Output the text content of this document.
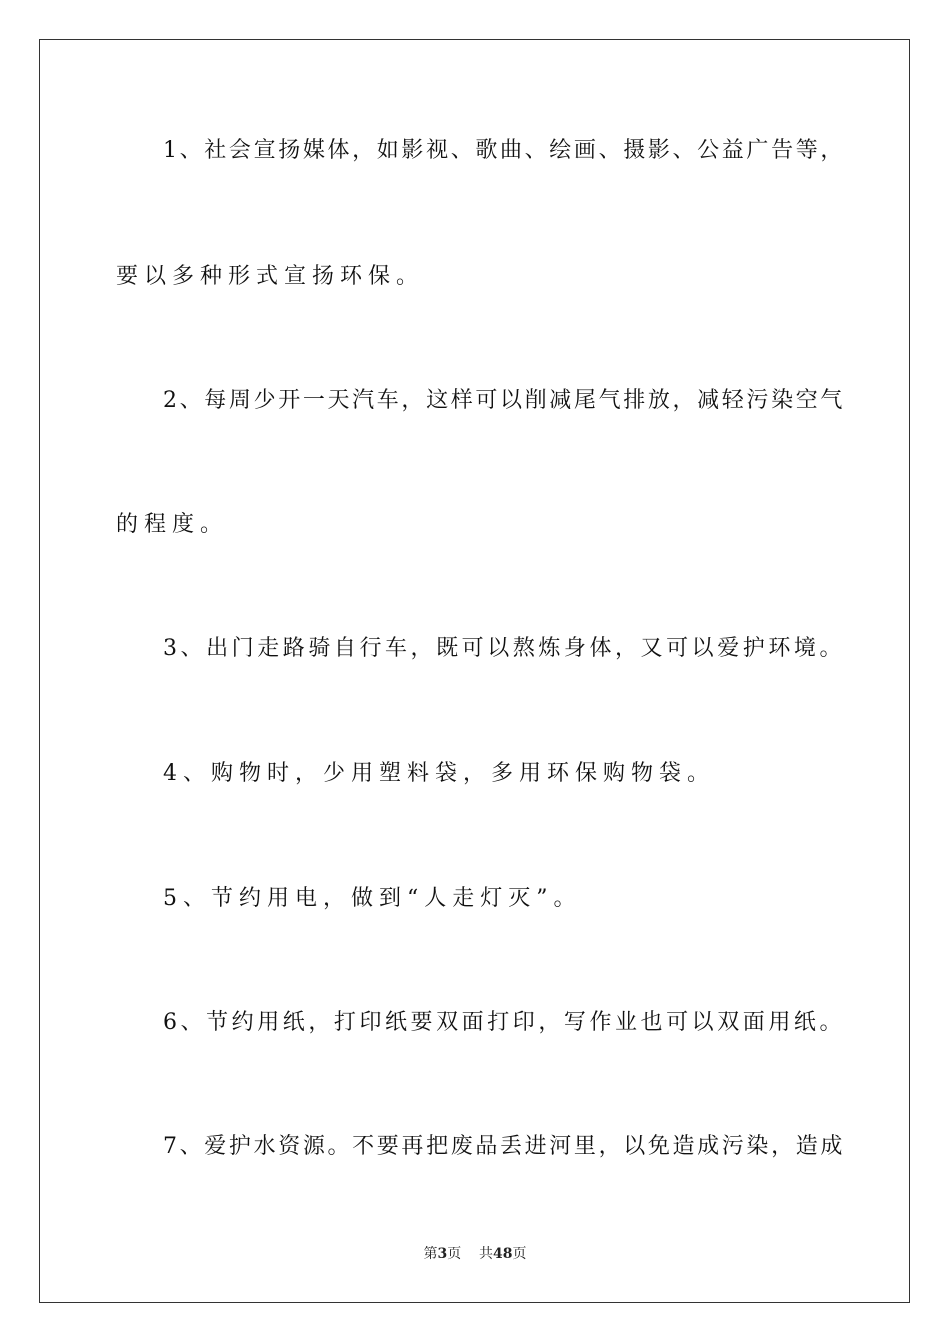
1、社会宣扬媒体，如影视、歌曲、绘画、摄影、公益广告等，
要以多种形式宣扬环保。
2、每周少开一天汽车，这样可以削减尾气排放，减轻污染空气
的程度。
3、出门走路骑自行车，既可以熬炼身体，又可以爱护环境。
4、购物时，少用塑料袋，多用环保购物袋。
5、节约用电，做到“人走灯灭”。
6、节约用纸，打印纸要双面打印，写作业也可以双面用纸。
7、爱护水资源。不要再把废品丢进河里，以免造成污染，造成
第3页 共48页
